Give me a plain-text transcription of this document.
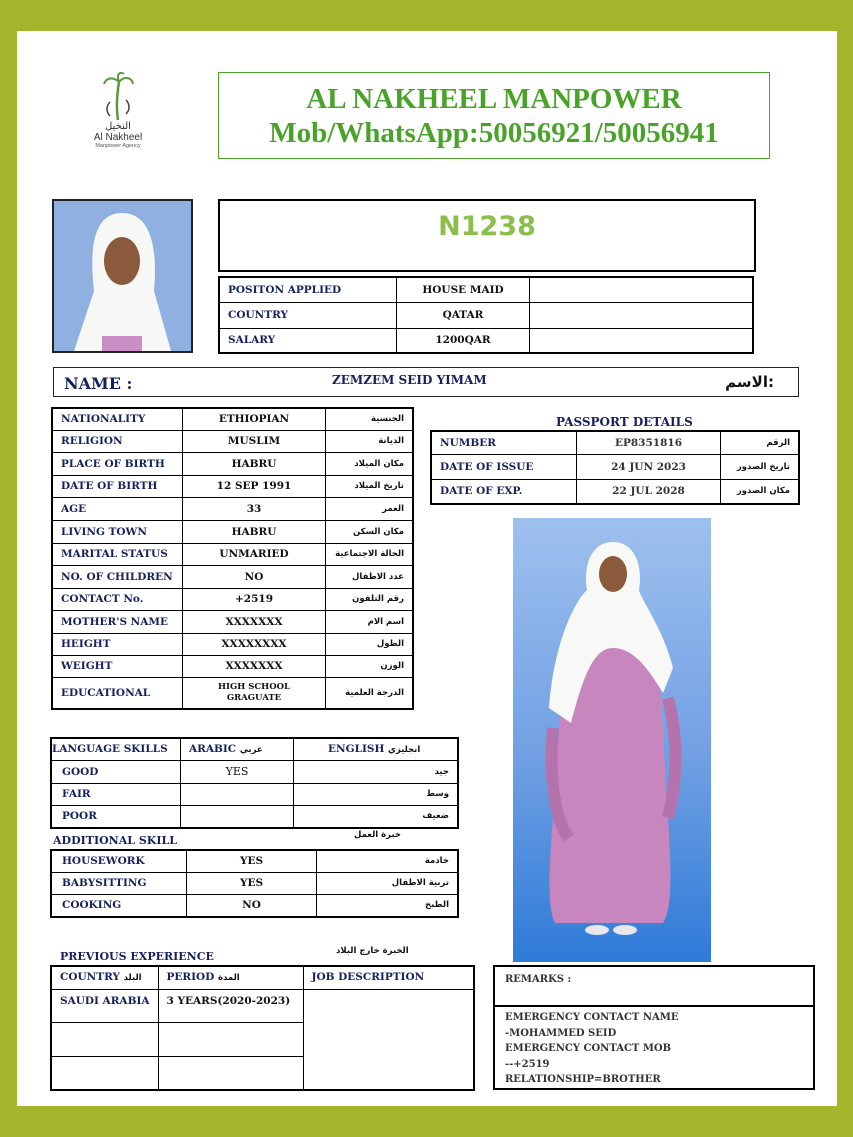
النخيل
Al Nakheel
Manpower Agency
AL NAKHEEL MANPOWER
Mob/WhatsApp:50056921/50056941
N1238
POSITON APPLIED	HOUSE MAID	
COUNTRY	QATAR	
SALARY	1200QAR	
NAME :	ZEMZEM SEID YIMAM	الاسم:
NATIONALITY	ETHIOPIAN	الجنسية
RELIGION	MUSLIM	الديانة
PLACE OF BIRTH	HABRU	مكان الميلاد
DATE OF BIRTH	12 SEP 1991	تاريخ الميلاد
AGE	33	العمر
LIVING TOWN	HABRU	مكان السكن
MARITAL STATUS	UNMARIED	الحالة الاجتماعية
NO. OF CHILDREN	NO	عدد الاطفال
CONTACT No.	+2519	رقم التلفون
MOTHER'S NAME	XXXXXXX	اسم الام
HEIGHT	XXXXXXXX	الطول
WEIGHT	XXXXXXX	الوزن
EDUCATIONAL	HIGH SCHOOL GRAGUATE	الدرجة العلمية
PASSPORT DETAILS
NUMBER	EP8351816	الرقم
DATE OF ISSUE	24 JUN 2023	تاريخ الصدور
DATE OF EXP.	22 JUL 2028	مكان الصدور
LANGUAGE SKILLS	ARABIC عربي	ENGLISH انجليزي
GOOD	YES	جيد
FAIR		وسط
POOR		ضعيف
ADDITIONAL SKILL	خبرة العمل
HOUSEWORK	YES	خادمة
BABYSITTING	YES	تربية الاطفال
COOKING	NO	الطبخ
PREVIOUS EXPERIENCE	الخبرة خارج البلاد
COUNTRY البلد	PERIOD المدة	JOB DESCRIPTION
SAUDI ARABIA	3 YEARS(2020-2023)	

REMARKS :
EMERGENCY CONTACT NAME
-MOHAMMED SEID
EMERGENCY CONTACT MOB
--+2519
RELATIONSHIP=BROTHER
